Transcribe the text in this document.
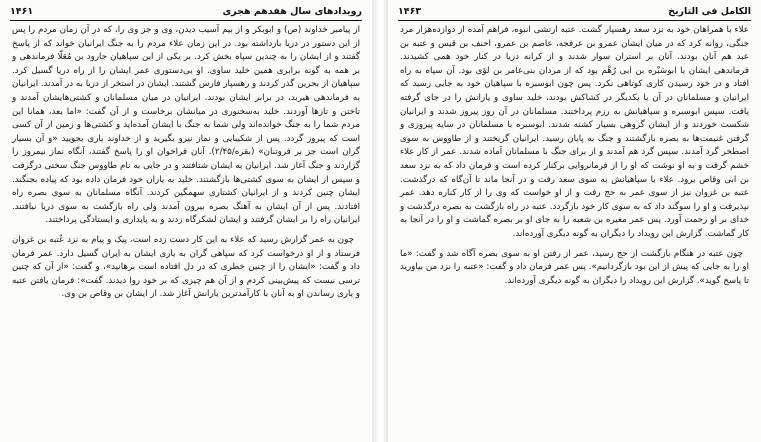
رویدادهای سال هفدهم هجری
۱۴۶۱

از پیامبر خداوند (ص) و ابوبکر و از بیم آسیب دیدن، وی و جز وی را، که در آن زمان مردم را پس از این دستور در دریا بازداشته بود. در این زمان علاء مردم را به جنگ ایرانیان خواند که از پاسخ گفتند و از ایشان را به چندین سپاه بخش کرد. بر یکی از این سپاهیان جارود بن مُعَلّا فرماندهی و بر همه به گونه برابری همین خلید ساوی. او بی‌دستوری عمر ایشان را از راه دریا گسیل کرد. سپاهیان از بحرین گذر کردند و رهسپار فارس گشتند. ایشان در استخر از دریا به در آمدند. ایرانیان به فرماندهی هیربد، در برابر ایشان بودند. ایرانیان در میان مسلمانان و کشتی‌هایشان آمدند و تاختن و تازها آوردند. خلید به‌سخنوری در میانشان برخاست و از آن گفت: «اما بعد، همانا این مردم شما را به جنگ خوانده‌اند ولی شما به جنگ با ایشان آمده‌اید و کشتی‌ها و زمین از آن کسی است که پیروز گردد. پس از شکیبایی و نماز نیرو بگیرید و از خداوند یاری بجویید «و آن بسیار گران است جز بر فروتنان» (بقره/۲/۴۵). آنان فراخوان او را پاسخ گفتند، آنگاه نماز نیمروز را گزاردند و جنگ آغاز شد. ایرانیان به ایشان شتافتند و در جایی به نام طاووس جنگ سختی درگرفت و سپس از ایشان به سوی کشتی‌ها بازگشتند. خلید به یاران خود فرمان داده بود که پیاده بجنگند. ایشان چنین کردند و از ایرانیان کشتاری سهمگین کردند. آنگاه مسلمانان به سوی بصره راه افتادند. پس از آن ایشان به آهنگ بصره بیرون آمدند ولی راه بازگشت به سوی دریا نیافتند. ایرانیان راه را بر ایشان گرفتند و ایشان لشکرگاه زدند و به پایداری و ایستادگی پرداختند.

چون به عمر گزارش رسید که علاء به این کار دست زده است، پیک و پیام به نزد عُتبه بن غزوان فرستاد و از او درخواست کرد که سپاهی گران به یاری ایشان به ایران گسیل دارد. عمر فرمان داد و گفت: «ایشان را از چنین خطری که در دل افتاده است برهانید»، و گفت: «از آن که چنین ترسی نیست که پیش‌بینی کردم و از آن هم چیزی که بر خود روا دیدند. گفت»: فرمان یافتن عتبه و یاری رساندن او به آنان با کارآمدترین یارانش آغاز شد. از ایشان بن وقاص بن وی.

الکامل فی التاریخ
۱۴۶۳

علاء با همراهان خود به نزد سعد رهسپار گشت. عتبه ارتشی انبوه، فراهم آمده از دوازده‌هزار مرد جنگی، روانه کرد که در میان ایشان عمرو بن عرفجه، عاصم بن عمرو، احنف بن قیس و عتبه بن عبد هم آنان بودند. آنان بر استران سوار شدند و از کرانه دریا در کنار خود همی کشیدند. فرماندهی ایشان با ابوسَبْره بن ابی رُهْم بود که از مردان بنی‌عامر بن لؤی بود. آن سپاه به راه افتاد و در خود رسیدن کاری کوتاهی نکرد. پس چون ابوسبره با سپاهیان خود به جایی رسید که ایرانیان و مسلمانان در آن با یکدیگر در کشاکش بودند، خلید ساوی و یارانش را در جای گرفته یافت. سپس ابوسبره و سپاهیانش به رزم پرداختند. مسلمانان در آن روز پیروز شدند و ایرانیان شکست خوردند و از ایشان گروهی بسیار کشته شدند. ابوسبره با مسلمانان در سایه پیروزی و گرفتن غنیمت‌ها به بصره بازگشتند و جنگ به پایان رسید. ایرانیان گریختند و از طاووس به سوی اصطخر گرد آمدند. سپس گرد هم آمدند و از برای جنگ با مسلمانان آماده شدند. عمر از کار علاء خشم گرفت و به او نوشت که او را از فرمانروایی برکنار کرده است و فرمان داد که به نزد سعد بن ابی وقاص برود. علاء با سپاهیانش به سوی سعد رفت و در آنجا ماند تا آن‌گاه که درگذشت. عتبه بن غزوان نیز از سوی عمر به حج رفت و از او خواست که وی را از کار کناره دهد. عمر نپذیرفت و او را سوگند داد که به سوی کار خود بازگردد. عتبه در راه بازگشت به بصره درگذشت و خدای بر او رحمت آورد. پس عمر مغیره بن شعبه را به جای او بر بصره گماشت و او را در آنجا به کار گماشت. گزارش این رویداد را دیگران به گونه دیگری آورده‌اند.

چون عتبه در هنگام بازگشت از حج رسید، عمر از رفتن او به سوی بصره آگاه شد و گفت: «ما او را به جایی که پیش از این بود بازگردانیم». پس عمر فرمان داد و گفت: «عتبه را نزد من بیاورید تا پاسخ گوید». گزارش این رویداد را دیگران به گونه دیگری آورده‌اند.
